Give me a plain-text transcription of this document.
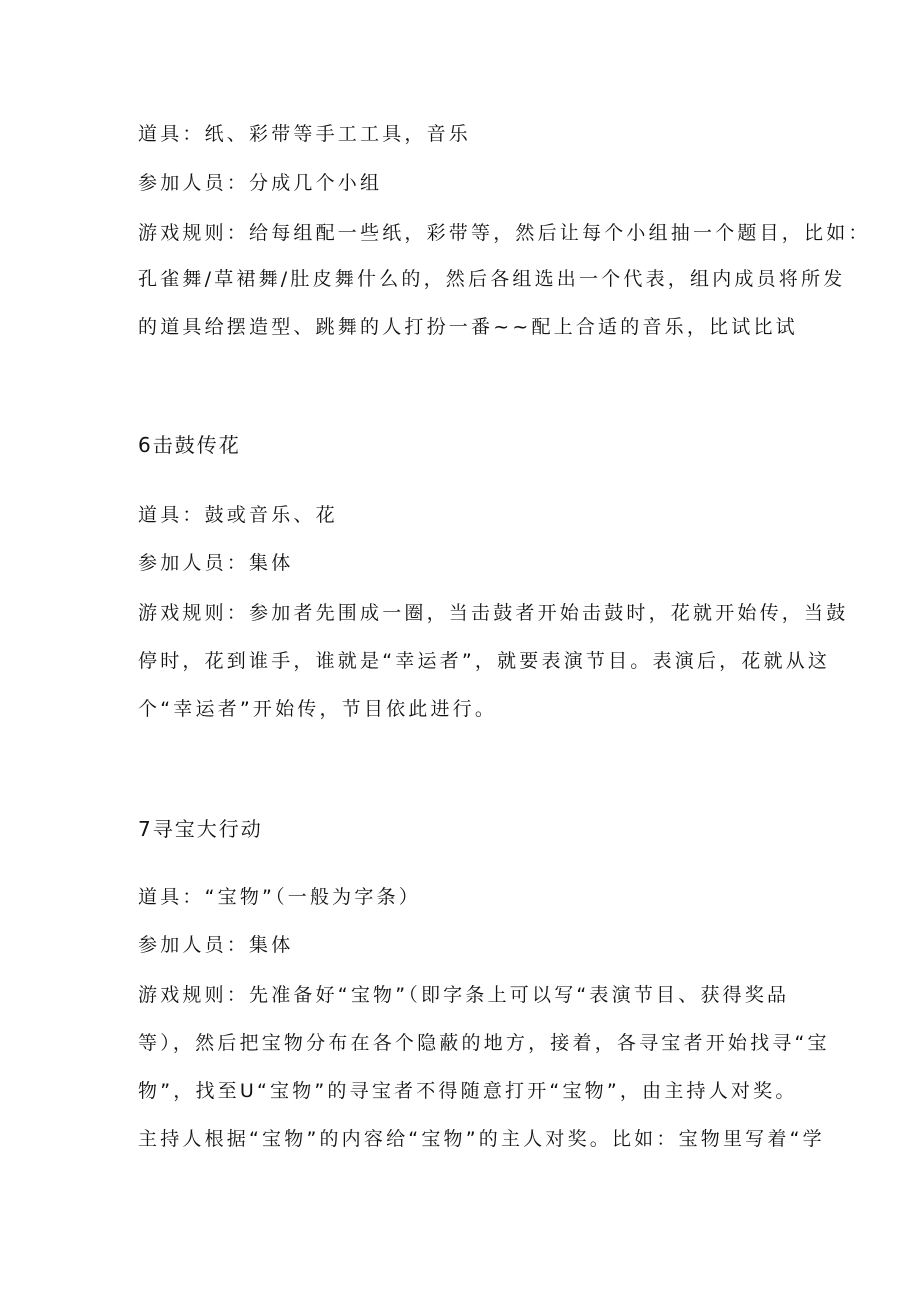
道具：纸、彩带等手工工具，音乐
参加人员：分成几个小组
游戏规则：给每组配一些纸，彩带等，然后让每个小组抽一个题目，比如：
孔雀舞/草裙舞/肚皮舞什么的，然后各组选出一个代表，组内成员将所发
的道具给摆造型、跳舞的人打扮一番~~配上合适的音乐，比试比试
6击鼓传花
道具：鼓或音乐、花
参加人员：集体
游戏规则：参加者先围成一圈，当击鼓者开始击鼓时，花就开始传，当鼓
停时，花到谁手，谁就是“幸运者”，就要表演节目。表演后，花就从这
个“幸运者”开始传，节目依此进行。
7寻宝大行动
道具：“宝物”（一般为字条）
参加人员：集体
游戏规则：先准备好“宝物”（即字条上可以写“表演节目、获得奖品
等），然后把宝物分布在各个隐蔽的地方，接着，各寻宝者开始找寻“宝
物”，找至U“宝物”的寻宝者不得随意打开“宝物”，由主持人对奖。
主持人根据“宝物”的内容给“宝物”的主人对奖。比如：宝物里写着“学
